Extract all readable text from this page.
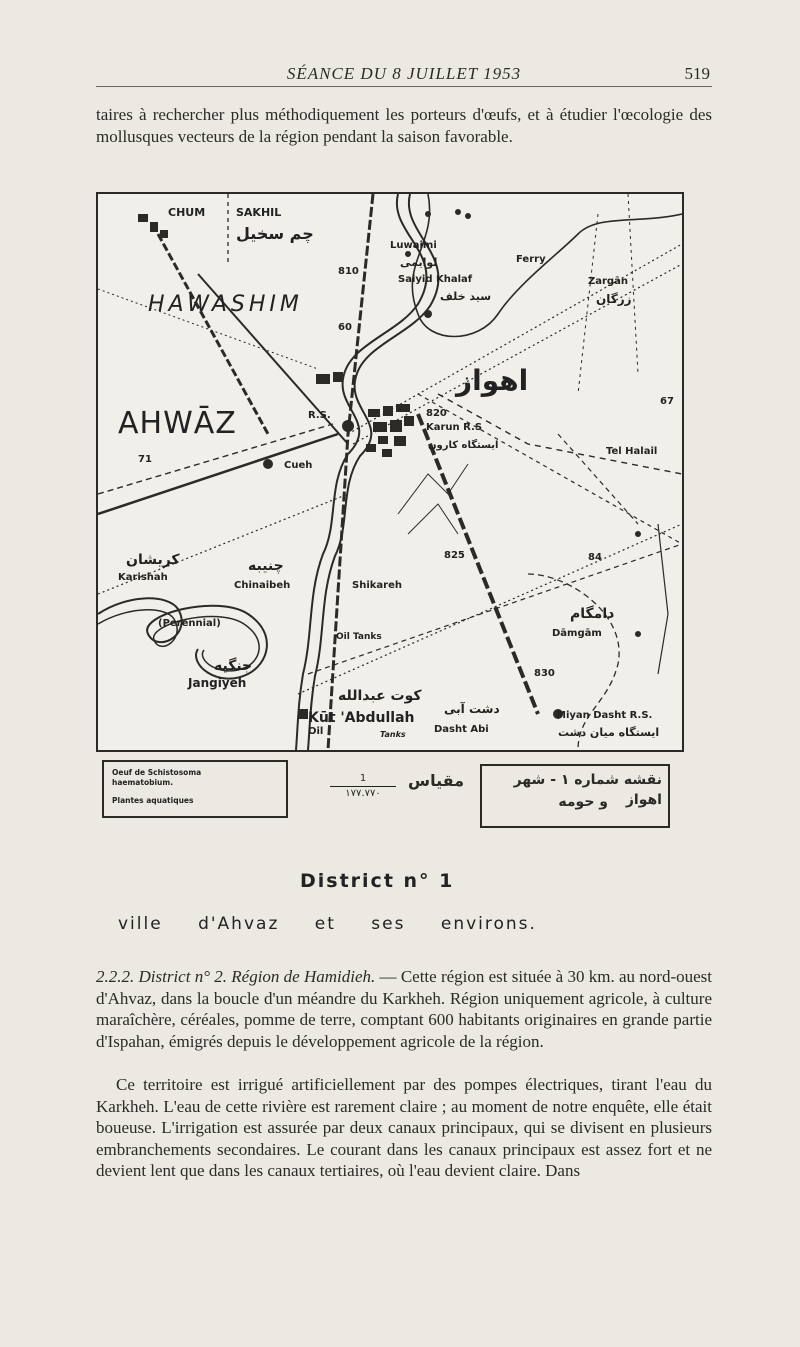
SÉANCE DU 8 JUILLET 1953	519
taires à rechercher plus méthodiquement les porteurs d'œufs, et à étudier l'œcologie des mollusques vecteurs de la région pendant la saison favorable.
CHUM	SAKHIL
چم سخيل
HAWASHIM
AHWĀZ
اهواز
Luwaimi
لوایمی
Saiyid Khalaf
سید خلف
Ferry
Zargān
زرگان
R.S.
Karun R.S
ایستگاه کارون
Tel Halail
Cueh
Karishah
کریشان
Chinaibeh
چنیبه
(Perennial)
Jangiyeh
جنگیه
Shikareh
Oil Tanks
Kūt 'Abdullah
کوت عبدالله
Oil	Tanks	Dasht Abi
دشت آبی	Miyan Dasht R.S.
ایستگاه میان دشت
Dāmgām
دامگام
810
820
825
830
84
60
71
67
Oeuf de Schistosoma haematobium.
Plantes aquatiques
1
١٧٧.٧٧٠
مقياس	نقشه شماره ١ - شهر اهواز
و حومه
District n° 1
ville d'Ahvaz et ses environs.
2.2.2. District n° 2. Région de Hamidieh. — Cette région est située à 30 km. au nord-ouest d'Ahvaz, dans la boucle d'un méandre du Karkheh. Région uniquement agricole, à culture maraîchère, céréales, pomme de terre, comptant 600 habitants originaires en grande partie d'Ispahan, émigrés depuis le développement agricole de la région.
Ce territoire est irrigué artificiellement par des pompes électriques, tirant l'eau du Karkheh. L'eau de cette rivière est rarement claire ; au moment de notre enquête, elle était boueuse. L'irrigation est assurée par deux canaux principaux, qui se divisent en plusieurs embranchements secondaires. Le courant dans les canaux principaux est assez fort et ne devient lent que dans les canaux tertiaires, où l'eau devient claire. Dans
